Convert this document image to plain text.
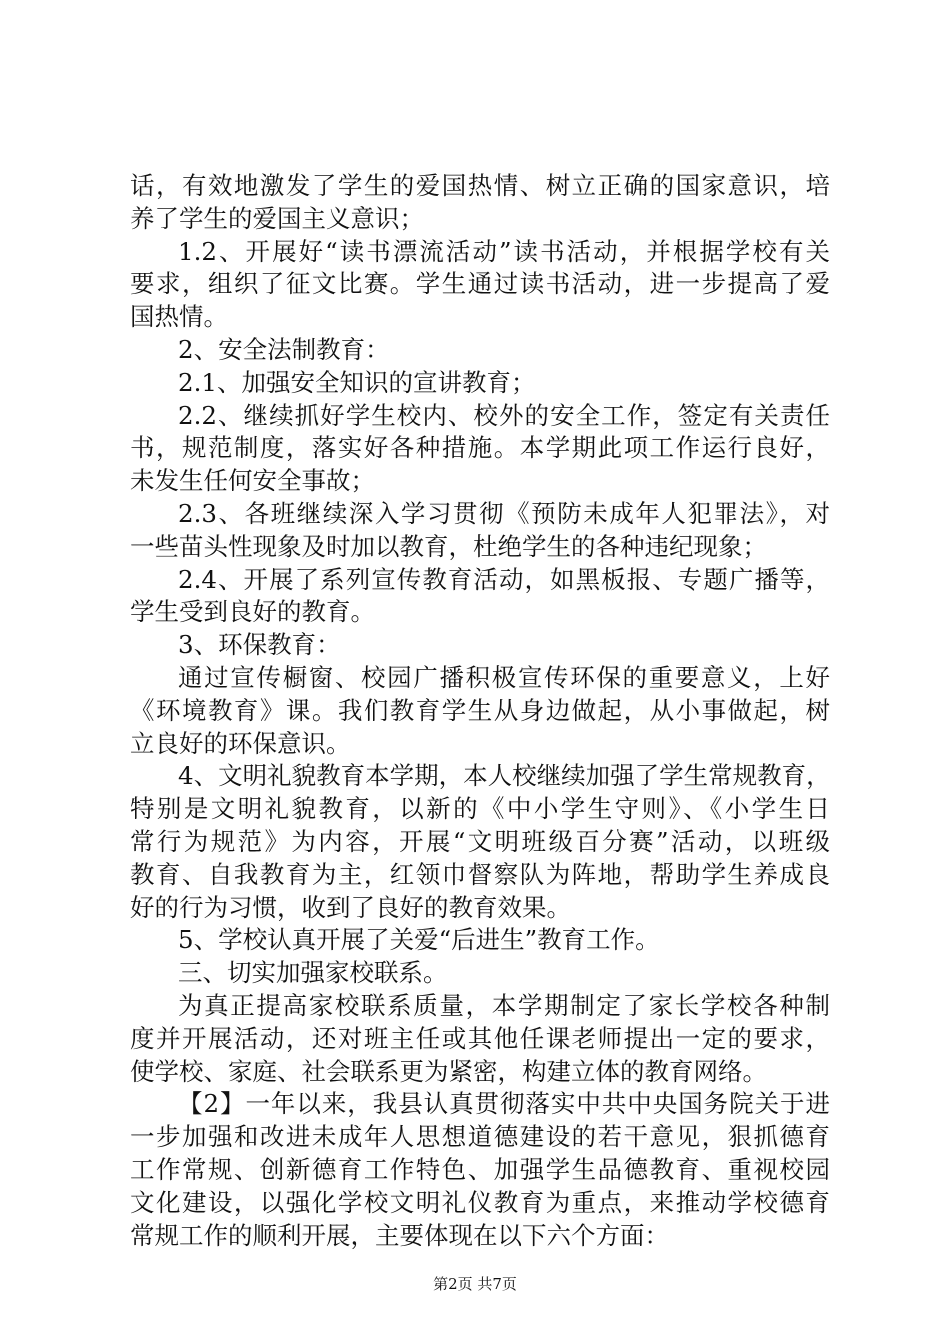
话，有效地激发了学生的爱国热情、树立正确的国家意识，培
养了学生的爱国主义意识；
1.2、开展好“读书漂流活动”读书活动，并根据学校有关
要求，组织了征文比赛。学生通过读书活动，进一步提高了爱
国热情。
2、安全法制教育：
2.1、加强安全知识的宣讲教育；
2.2、继续抓好学生校内、校外的安全工作，签定有关责任
书，规范制度，落实好各种措施。本学期此项工作运行良好，
未发生任何安全事故；
2.3、各班继续深入学习贯彻《预防未成年人犯罪法》，对
一些苗头性现象及时加以教育，杜绝学生的各种违纪现象；
2.4、开展了系列宣传教育活动，如黑板报、专题广播等，
学生受到良好的教育。
3、环保教育：
通过宣传橱窗、校园广播积极宣传环保的重要意义，上好
《环境教育》课。我们教育学生从身边做起，从小事做起，树
立良好的环保意识。
4、文明礼貌教育本学期，本人校继续加强了学生常规教育，
特别是文明礼貌教育，以新的《中小学生守则》、《小学生日
常行为规范》为内容，开展“文明班级百分赛”活动，以班级
教育、自我教育为主，红领巾督察队为阵地，帮助学生养成良
好的行为习惯，收到了良好的教育效果。
5、学校认真开展了关爱“后进生”教育工作。
三、切实加强家校联系。
为真正提高家校联系质量，本学期制定了家长学校各种制
度并开展活动，还对班主任或其他任课老师提出一定的要求，
使学校、家庭、社会联系更为紧密，构建立体的教育网络。
【2】一年以来，我县认真贯彻落实中共中央国务院关于进
一步加强和改进未成年人思想道德建设的若干意见，狠抓德育
工作常规、创新德育工作特色、加强学生品德教育、重视校园
文化建设，以强化学校文明礼仪教育为重点，来推动学校德育
常规工作的顺利开展，主要体现在以下六个方面：
第2页 共7页
